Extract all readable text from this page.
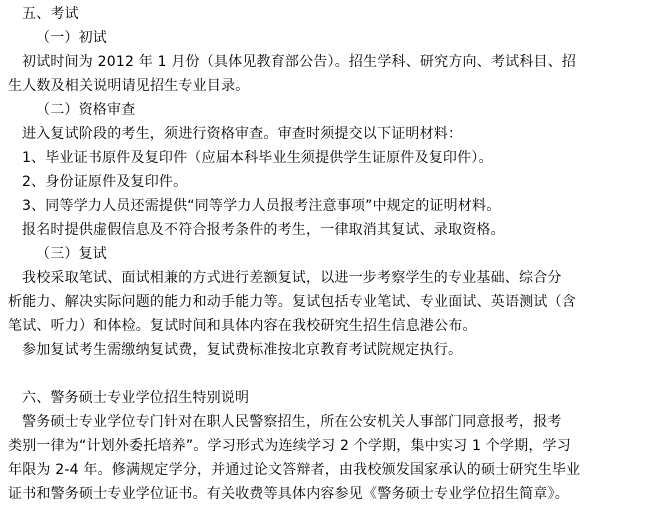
五、考试
（一）初试
初试时间为 2012 年 1 月份（具体见教育部公告）。招生学科、研究方向、考试科目、招
生人数及相关说明请见招生专业目录。
（二）资格审查
进入复试阶段的考生，须进行资格审查。审查时须提交以下证明材料：
1、毕业证书原件及复印件（应届本科毕业生须提供学生证原件及复印件）。
2、身份证原件及复印件。
3、同等学力人员还需提供“同等学力人员报考注意事项”中规定的证明材料。
报名时提供虚假信息及不符合报考条件的考生，一律取消其复试、录取资格。
（三）复试
我校采取笔试、面试相兼的方式进行差额复试，以进一步考察学生的专业基础、综合分
析能力、解决实际问题的能力和动手能力等。复试包括专业笔试、专业面试、英语测试（含
笔试、听力）和体检。复试时间和具体内容在我校研究生招生信息港公布。
参加复试考生需缴纳复试费，复试费标准按北京教育考试院规定执行。
六、警务硕士专业学位招生特别说明
警务硕士专业学位专门针对在职人民警察招生，所在公安机关人事部门同意报考，报考
类别一律为“计划外委托培养”。学习形式为连续学习 2 个学期，集中实习 1 个学期，学习
年限为 2-4 年。修满规定学分，并通过论文答辩者，由我校颁发国家承认的硕士研究生毕业
证书和警务硕士专业学位证书。有关收费等具体内容参见《警务硕士专业学位招生简章》。
